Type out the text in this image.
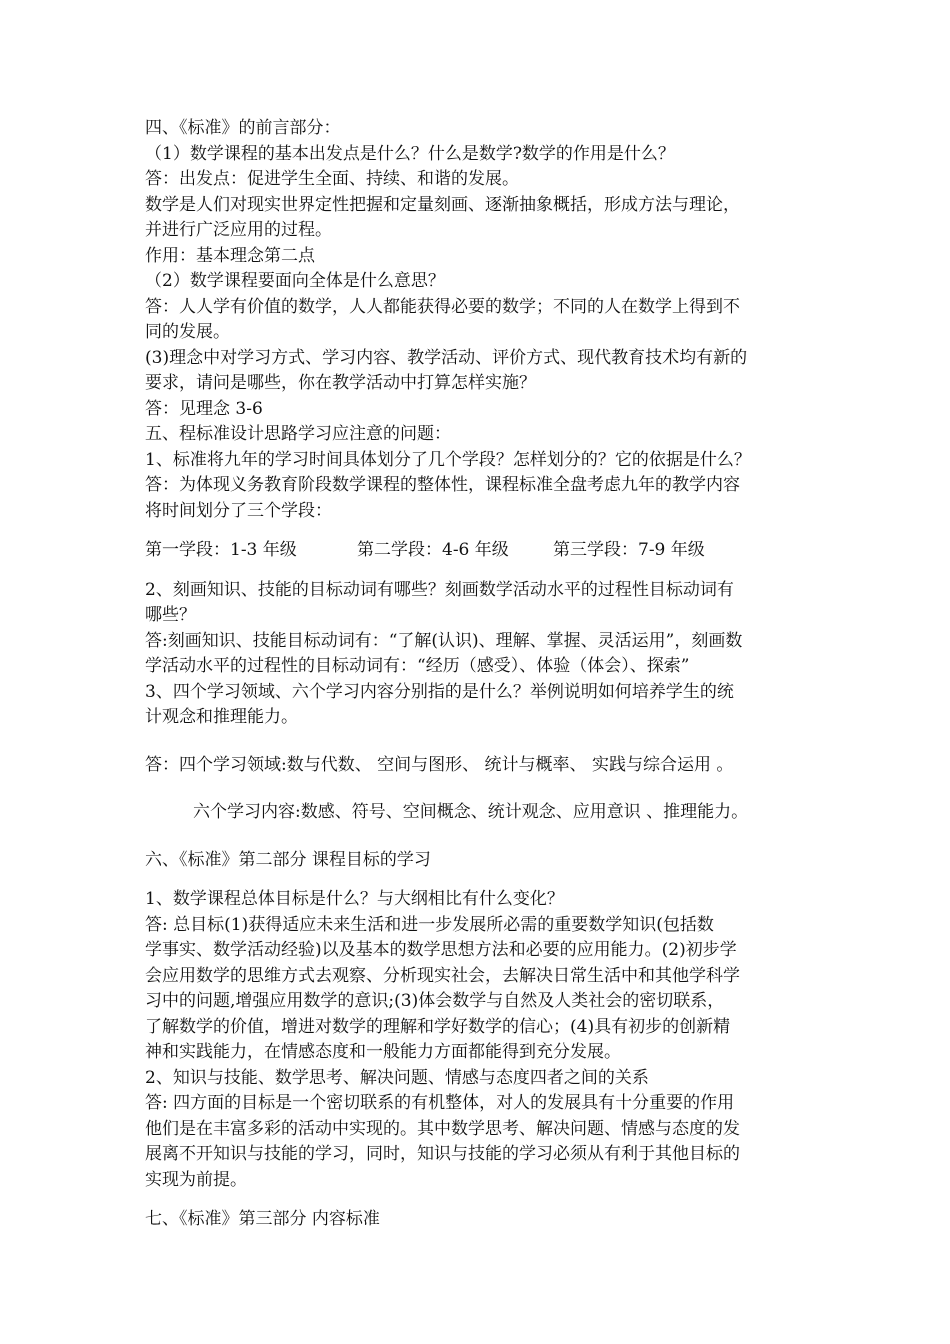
四、《标准》的前言部分：
（1）数学课程的基本出发点是什么？什么是数学?数学的作用是什么？
答：出发点：促进学生全面、持续、和谐的发展。
数学是人们对现实世界定性把握和定量刻画、逐渐抽象概括，形成方法与理论，
并进行广泛应用的过程。
作用：基本理念第二点
（2）数学课程要面向全体是什么意思？
答：人人学有价值的数学，人人都能获得必要的数学；不同的人在数学上得到不
同的发展。
(3)理念中对学习方式、学习内容、教学活动、评价方式、现代教育技术均有新的
要求，请问是哪些，你在教学活动中打算怎样实施？
答：见理念 3-6
五、程标准设计思路学习应注意的问题：
1、标准将九年的学习时间具体划分了几个学段？怎样划分的？它的依据是什么？
答：为体现义务教育阶段数学课程的整体性，课程标准全盘考虑九年的教学内容
将时间划分了三个学段：
第一学段：1-3 年级	第二学段：4-6 年级	第三学段：7-9 年级
2、刻画知识、技能的目标动词有哪些？刻画数学活动水平的过程性目标动词有
哪些？
答:刻画知识、技能目标动词有：“了解(认识)、理解、掌握、灵活运用”，刻画数
学活动水平的过程性的目标动词有：“经历（感受）、体验（体会）、探索”
3、四个学习领域、六个学习内容分别指的是什么？举例说明如何培养学生的统
计观念和推理能力。
答：四个学习领域:数与代数、 空间与图形、 统计与概率、 实践与综合运用 。
六个学习内容:数感、符号、空间概念、统计观念、应用意识 、推理能力。
六、《标准》第二部分 课程目标的学习
1、数学课程总体目标是什么？与大纲相比有什么变化？
答: 总目标(1)获得适应未来生活和进一步发展所必需的重要数学知识(包括数
学事实、数学活动经验)以及基本的数学思想方法和必要的应用能力。(2)初步学
会应用数学的思维方式去观察、分析现实社会，去解决日常生活中和其他学科学
习中的问题,增强应用数学的意识;(3)体会数学与自然及人类社会的密切联系，
了解数学的价值，增进对数学的理解和学好数学的信心；(4)具有初步的创新精
神和实践能力，在情感态度和一般能力方面都能得到充分发展。
2、知识与技能、数学思考、解决问题、情感与态度四者之间的关系
答: 四方面的目标是一个密切联系的有机整体，对人的发展具有十分重要的作用
他们是在丰富多彩的活动中实现的。其中数学思考、解决问题、情感与态度的发
展离不开知识与技能的学习，同时，知识与技能的学习必须从有利于其他目标的
实现为前提。
七、《标准》第三部分 内容标准
